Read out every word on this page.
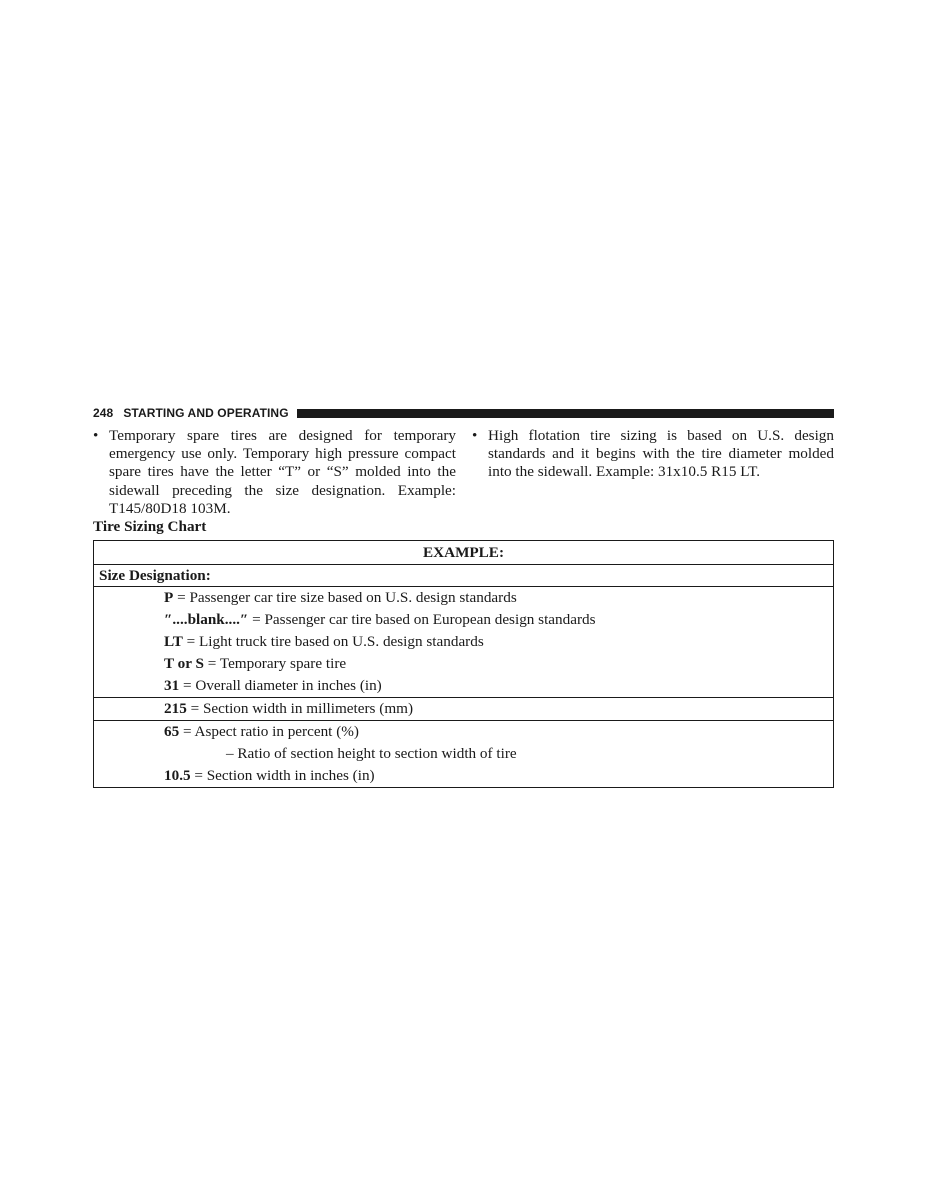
248 STARTING AND OPERATING
• Temporary spare tires are designed for temporary emergency use only. Temporary high pressure compact spare tires have the letter “T” or “S” molded into the sidewall preceding the size designation. Example: T145/80D18 103M.
• High flotation tire sizing is based on U.S. design standards and it begins with the tire diameter molded into the sidewall. Example: 31x10.5 R15 LT.
Tire Sizing Chart
EXAMPLE:
Size Designation:

P = Passenger car tire size based on U.S. design standards
″....blank....″ = Passenger car tire based on European design standards
LT = Light truck tire based on U.S. design standards
T or S = Temporary spare tire
31 = Overall diameter in inches (in)

215 = Section width in millimeters (mm)

65 = Aspect ratio in percent (%)
– Ratio of section height to section width of tire
10.5 = Section width in inches (in)
